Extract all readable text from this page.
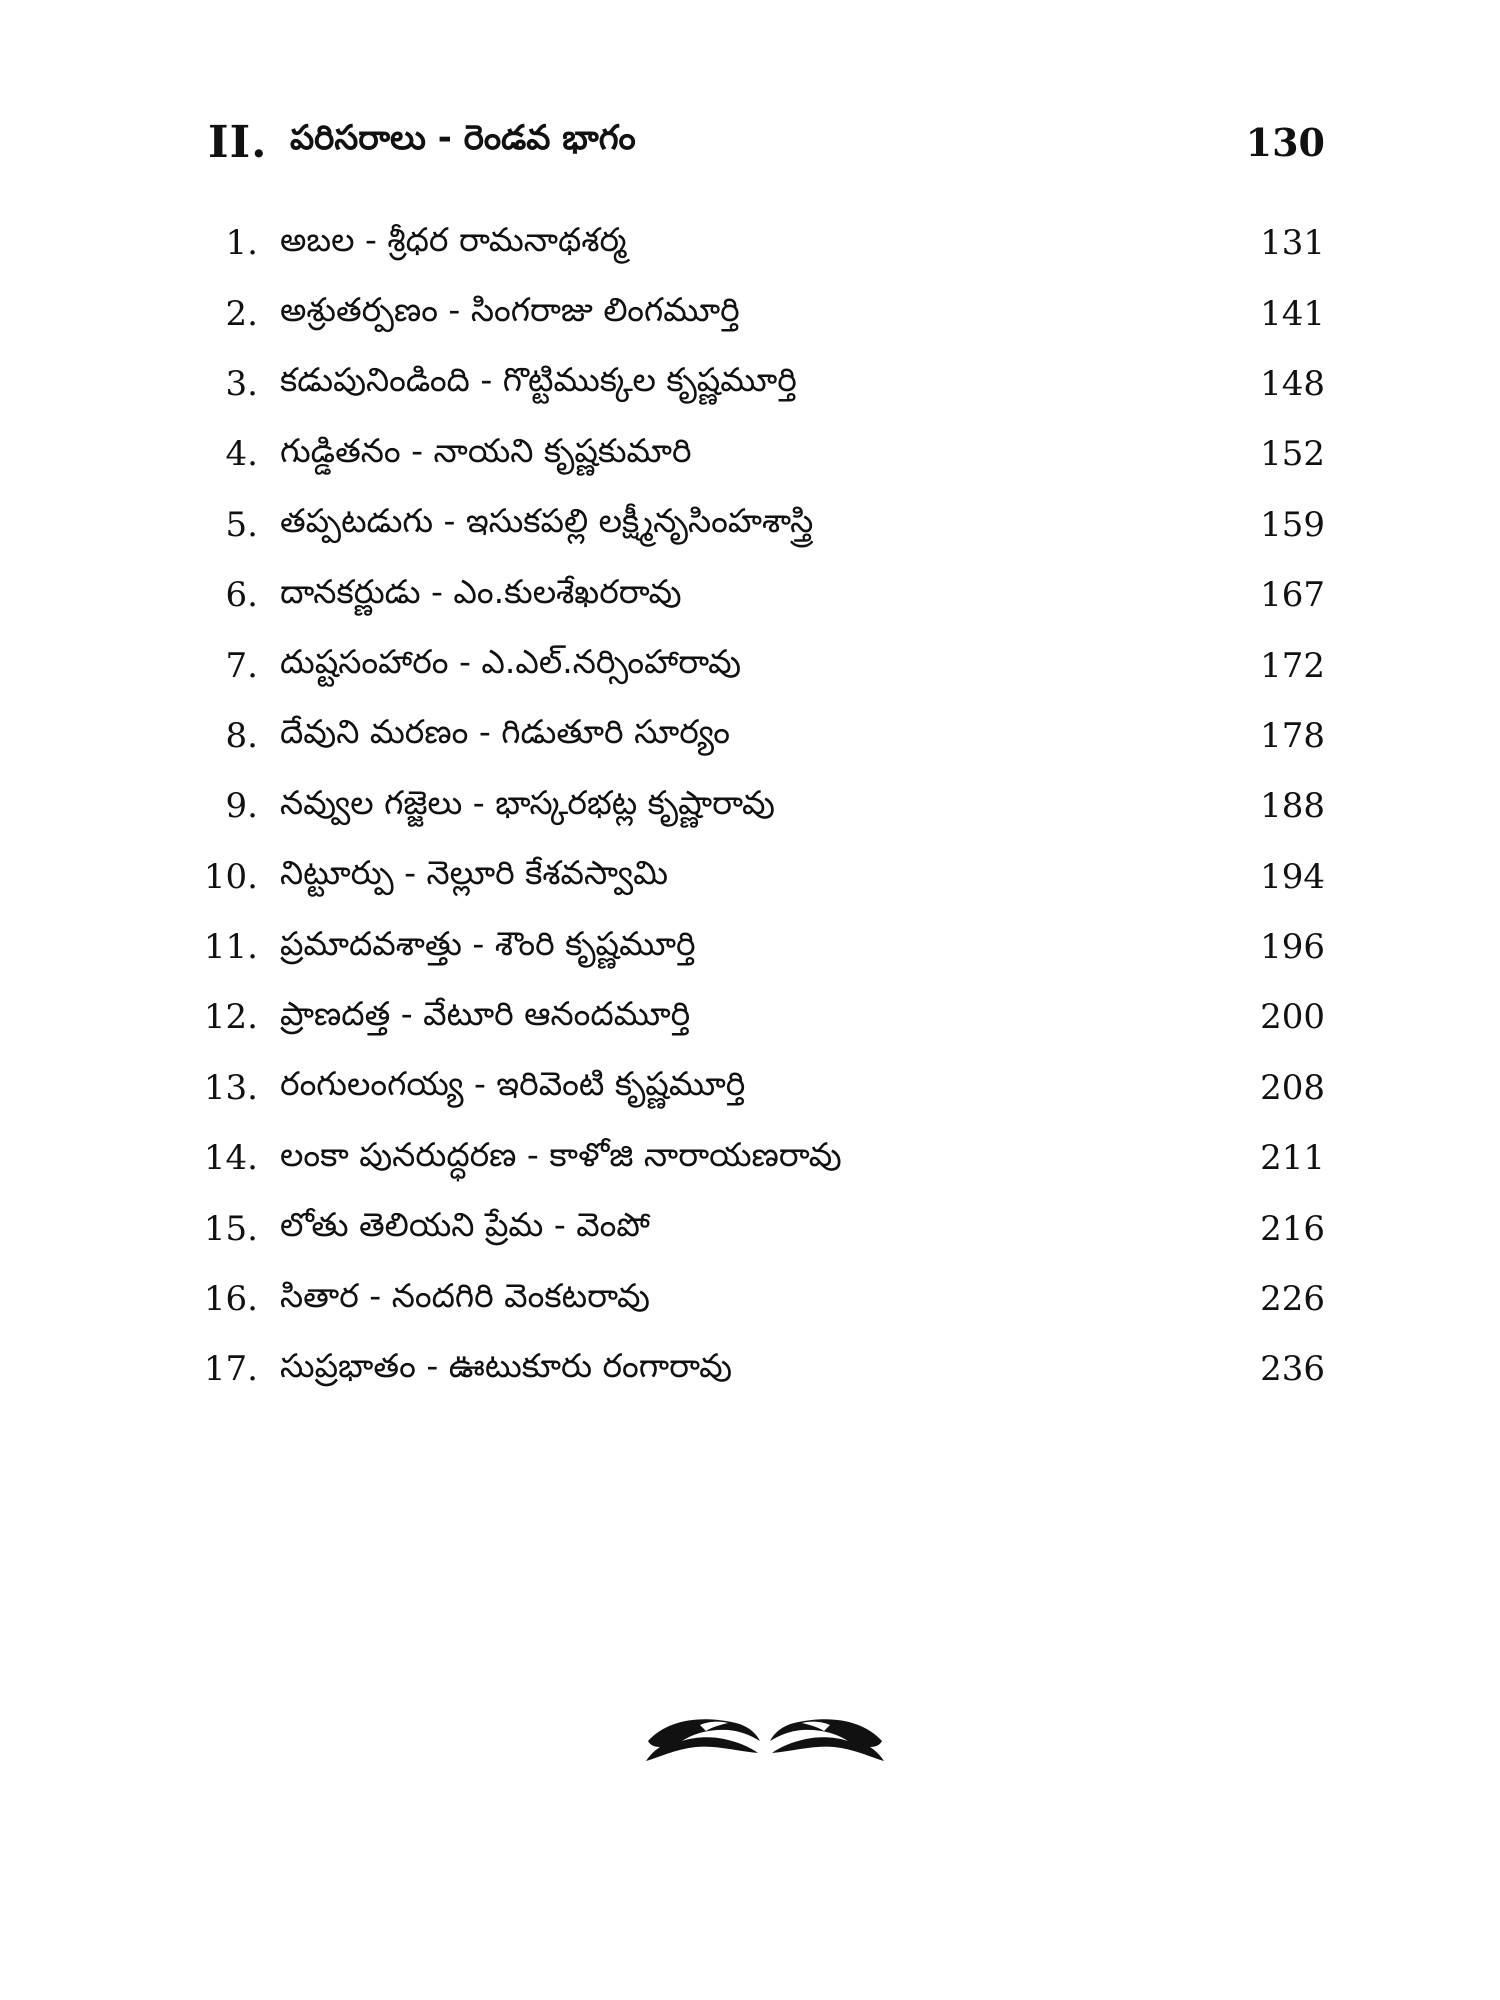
II. పరిసరాలు - రెండవ భాగం	130
1. అబల - శ్రీధర రామనాథశర్మ	131
2. అశ్రుతర్పణం - సింగరాజు లింగమూర్తి	141
3. కడుపునిండింది - గొట్టిముక్కల కృష్ణమూర్తి	148
4. గుడ్డితనం - నాయని కృష్ణకుమారి	152
5. తప్పటడుగు - ఇసుకపల్లి లక్ష్మీనృసింహశాస్త్రి	159
6. దానకర్ణుడు - ఎం.కులశేఖరరావు	167
7. దుష్టసంహారం - ఎ.ఎల్.నర్సింహారావు	172
8. దేవుని మరణం - గిడుతూరి సూర్యం	178
9. నవ్వుల గజ్జెలు - భాస్కరభట్ల కృష్ణారావు	188
10. నిట్టూర్పు - నెల్లూరి కేశవస్వామి	194
11. ప్రమాదవశాత్తు - శౌంరి కృష్ణమూర్తి	196
12. ప్రాణదత్త - వేటూరి ఆనందమూర్తి	200
13. రంగులంగయ్య - ఇరివెంటి కృష్ణమూర్తి	208
14. లంకా పునరుద్ధరణ - కాళోజి నారాయణరావు	211
15. లోతు తెలియని ప్రేమ - వెంపో	216
16. సితార - నందగిరి వెంకటరావు	226
17. సుప్రభాతం - ఊటుకూరు రంగారావు	236
